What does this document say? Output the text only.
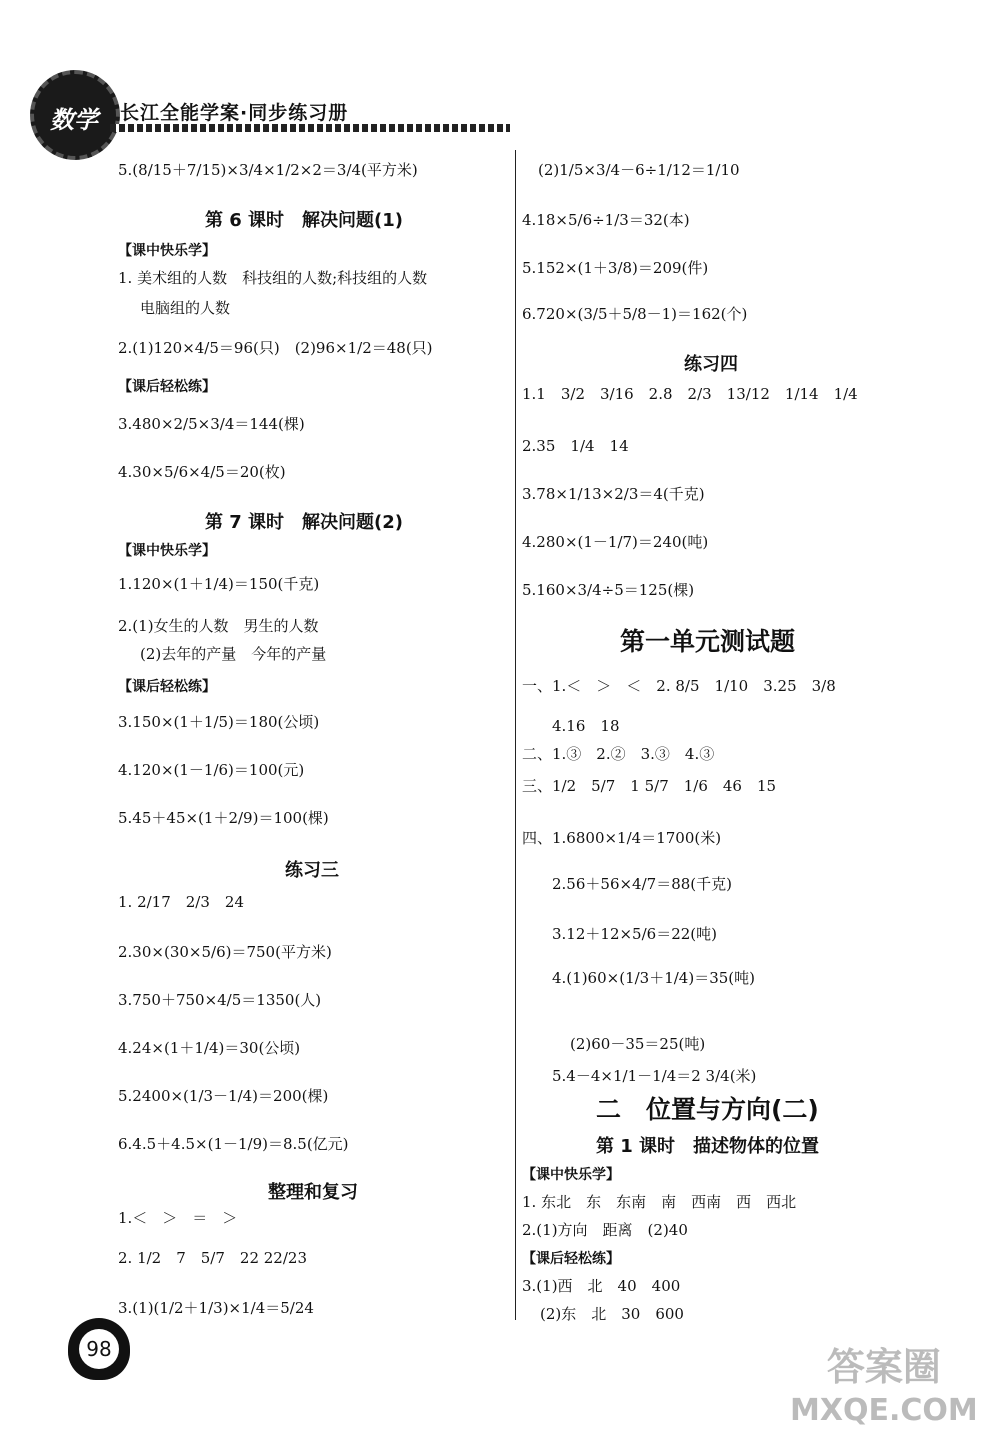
数学 长江全能学案·同步练习册
5.(8/15＋7/15)×3/4×1/2×2＝3/4(平方米)
第 6 课时　解决问题(1)
【课中快乐学】
1. 美术组的人数　科技组的人数;科技组的人数
电脑组的人数
2.(1)120×4/5＝96(只)　(2)96×1/2＝48(只)
【课后轻松练】
3.480×2/5×3/4＝144(棵)
4.30×5/6×4/5＝20(枚)
第 7 课时　解决问题(2)
【课中快乐学】
1.120×(1＋1/4)＝150(千克)
2.(1)女生的人数　男生的人数
(2)去年的产量　今年的产量
【课后轻松练】
3.150×(1＋1/5)＝180(公顷)
4.120×(1－1/6)＝100(元)
5.45＋45×(1＋2/9)＝100(棵)
练习三
1. 2/17　2/3　24
2.30×(30×5/6)＝750(平方米)
3.750＋750×4/5＝1350(人)
4.24×(1＋1/4)＝30(公顷)
5.2400×(1/3－1/4)＝200(棵)
6.4.5＋4.5×(1－1/9)＝8.5(亿元)
整理和复习
1.＜　＞　＝　＞
2. 1/2　7　5/7　22 22/23
3.(1)(1/2＋1/3)×1/4＝5/24
(2)1/5×3/4－6÷1/12＝1/10
4.18×5/6÷1/3＝32(本)
5.152×(1＋3/8)＝209(件)
6.720×(3/5＋5/8－1)＝162(个)
练习四
1.1　3/2　3/16　2.8　2/3　13/12　1/14　1/4
2.35　1/4　14
3.78×1/13×2/3＝4(千克)
4.280×(1－1/7)＝240(吨)
5.160×3/4÷5＝125(棵)
第一单元测试题
一、1.＜　＞　＜　2. 8/5　1/10　3.25　3/8
4.16　18
二、1.③　2.②　3.③　4.③
三、1/2　5/7　1 5/7　1/6　46　15
四、1.6800×1/4＝1700(米)
2.56＋56×4/7＝88(千克)
3.12＋12×5/6＝22(吨)
4.(1)60×(1/3＋1/4)＝35(吨)
(2)60－35＝25(吨)
5.4－4×1/1－1/4＝2 3/4(米)
二　位置与方向(二)
第 1 课时　描述物体的位置
【课中快乐学】
1. 东北　东　东南　南　西南　西　西北
2.(1)方向　距离　(2)40
【课后轻松练】
3.(1)西　北　40　400
(2)东　北　30　600
98	答案圈
MXQE.COM
